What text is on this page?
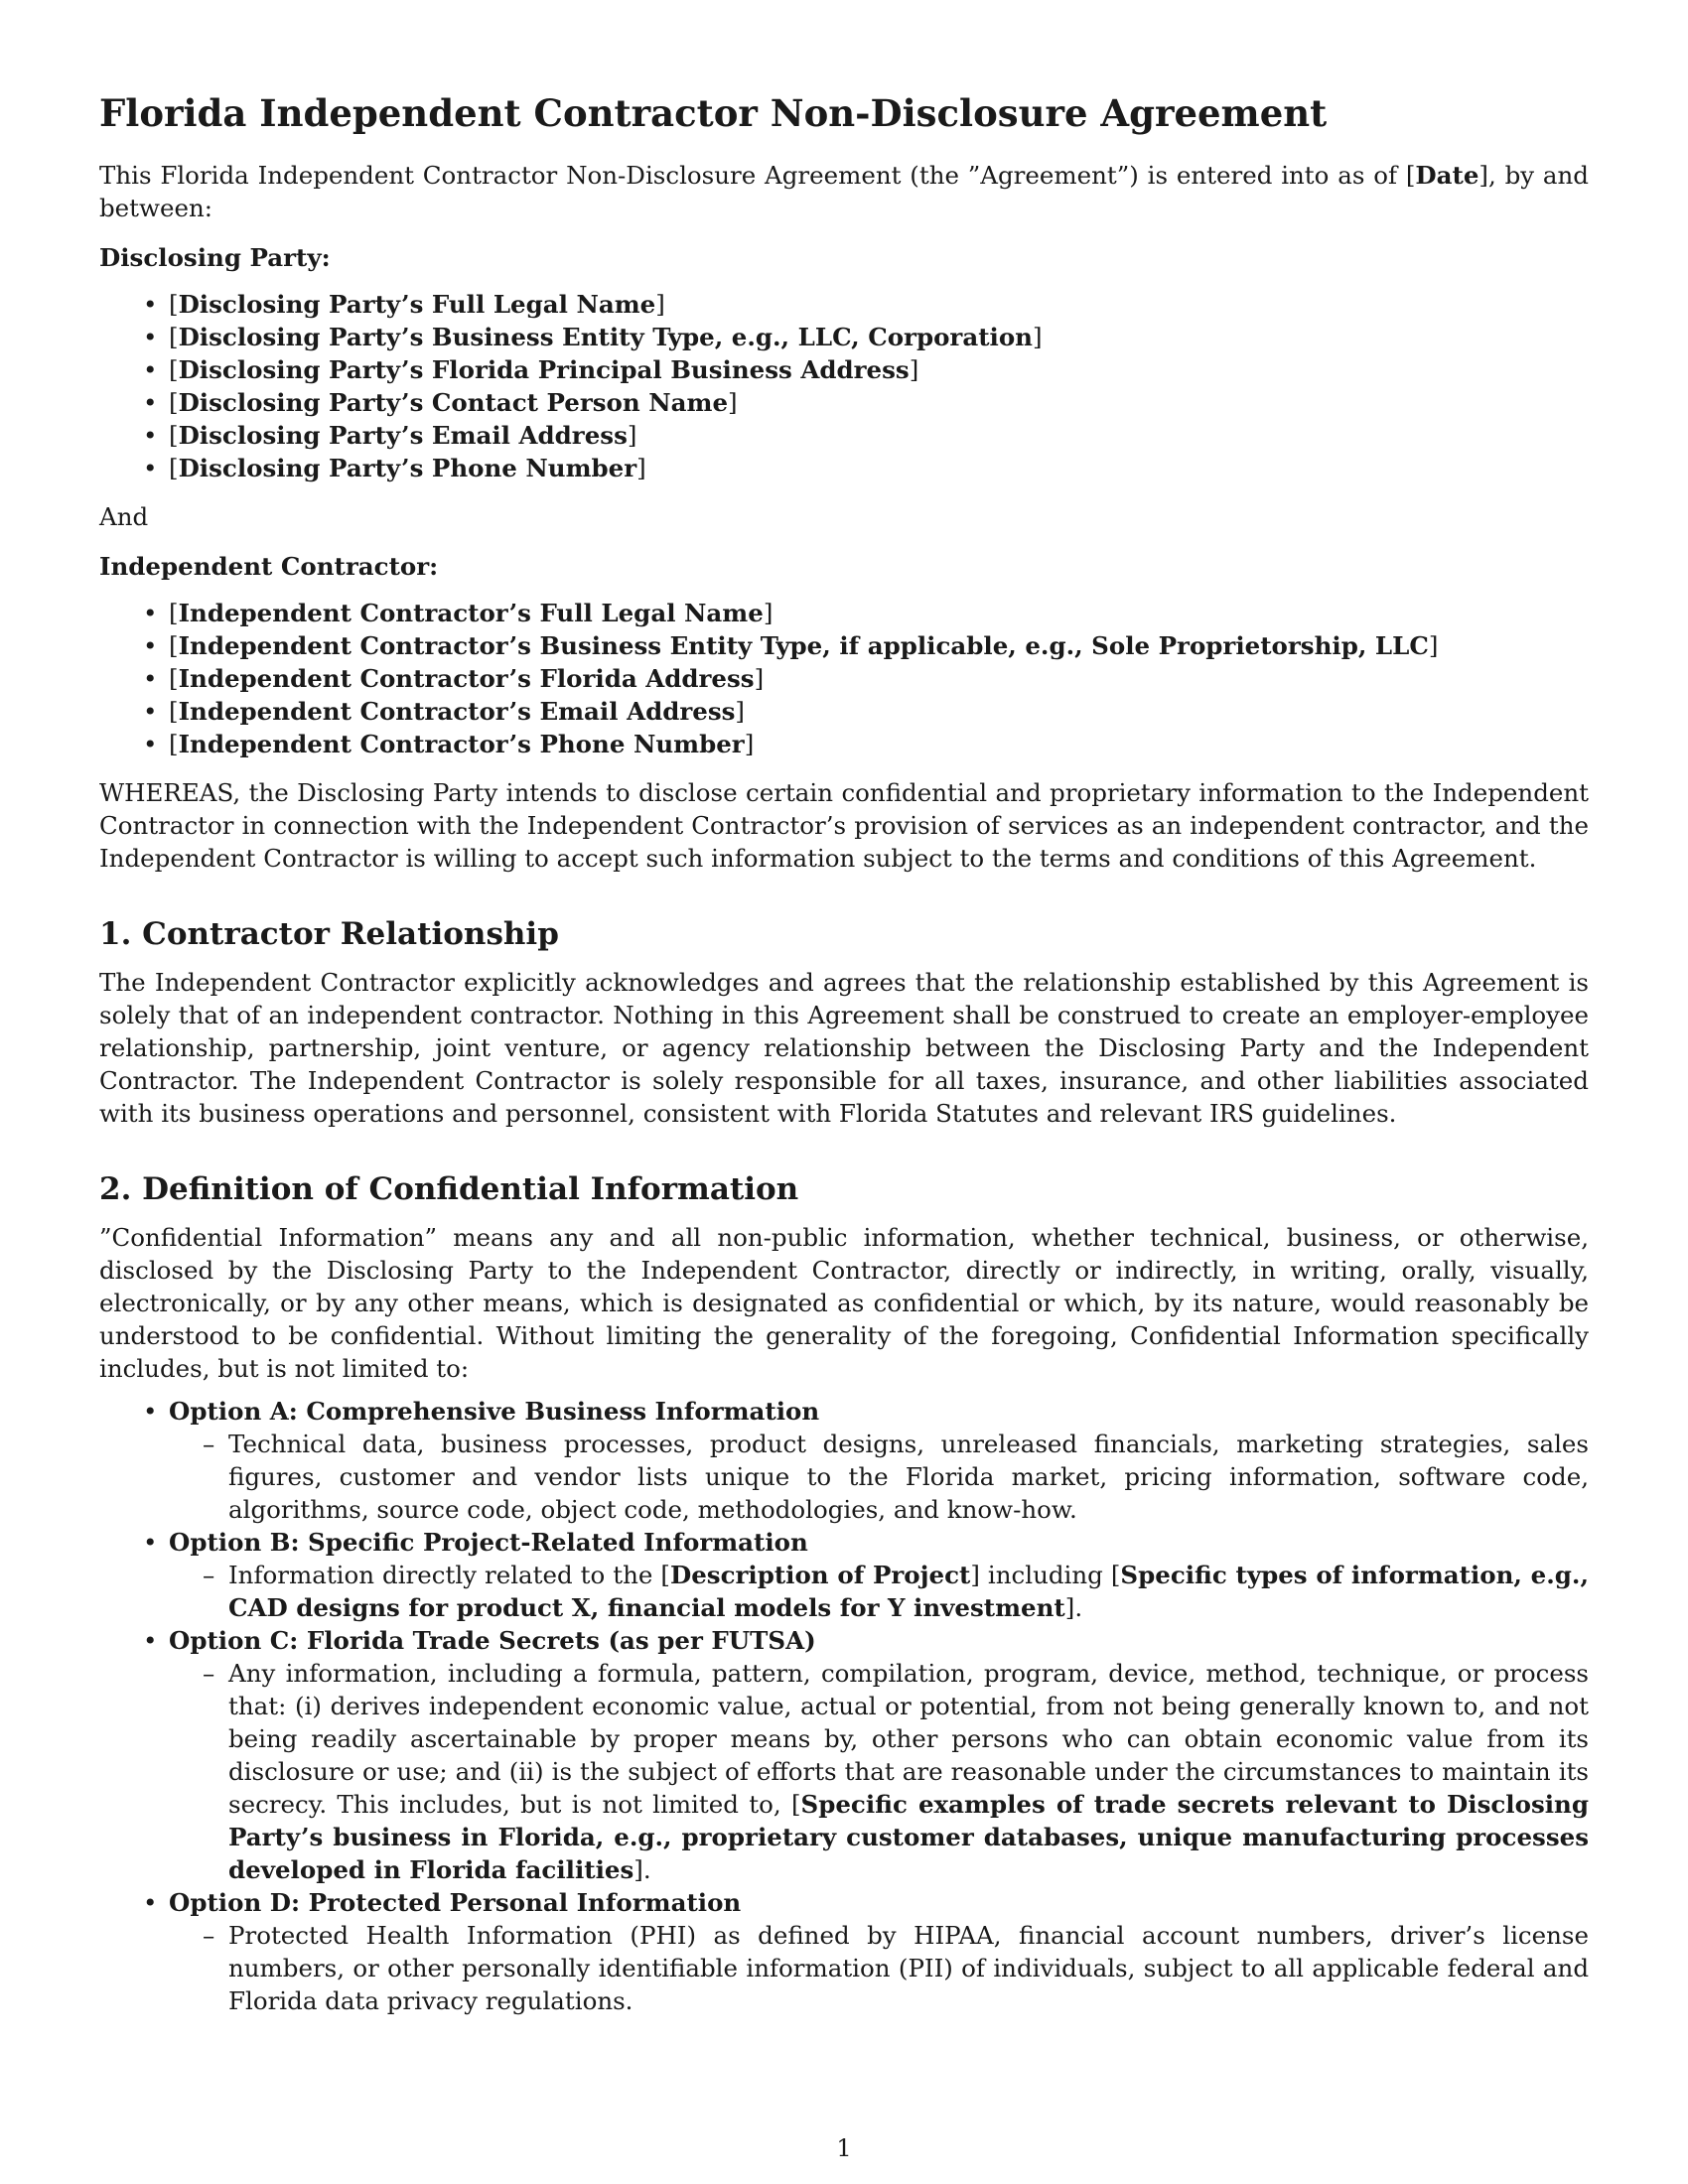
Florida Independent Contractor Non-Disclosure Agreement

This Florida Independent Contractor Non-Disclosure Agreement (the ”Agreement”) is entered into as of [Date], by and between:

Disclosing Party:
• [Disclosing Party’s Full Legal Name]
• [Disclosing Party’s Business Entity Type, e.g., LLC, Corporation]
• [Disclosing Party’s Florida Principal Business Address]
• [Disclosing Party’s Contact Person Name]
• [Disclosing Party’s Email Address]
• [Disclosing Party’s Phone Number]

And

Independent Contractor:
• [Independent Contractor’s Full Legal Name]
• [Independent Contractor’s Business Entity Type, if applicable, e.g., Sole Proprietorship, LLC]
• [Independent Contractor’s Florida Address]
• [Independent Contractor’s Email Address]
• [Independent Contractor’s Phone Number]

WHEREAS, the Disclosing Party intends to disclose certain confidential and proprietary information to the Independent Contractor in connection with the Independent Contractor’s provision of services as an independent contractor, and the Independent Contractor is willing to accept such information subject to the terms and conditions of this Agreement.

1. Contractor Relationship

The Independent Contractor explicitly acknowledges and agrees that the relationship established by this Agreement is solely that of an independent contractor. Nothing in this Agreement shall be construed to create an employer-employee relationship, partnership, joint venture, or agency relationship between the Disclosing Party and the Independent Contractor. The Independent Contractor is solely responsible for all taxes, insurance, and other liabilities associated with its business operations and personnel, consistent with Florida Statutes and relevant IRS guidelines.

2. Definition of Confidential Information

”Confidential Information” means any and all non-public information, whether technical, business, or otherwise, disclosed by the Disclosing Party to the Independent Contractor, directly or indirectly, in writing, orally, visually, electronically, or by any other means, which is designated as confidential or which, by its nature, would reasonably be understood to be confidential. Without limiting the generality of the foregoing, Confidential Information specifically includes, but is not limited to:

• Option A: Comprehensive Business Information
– Technical data, business processes, product designs, unreleased financials, marketing strategies, sales figures, customer and vendor lists unique to the Florida market, pricing information, software code, algorithms, source code, object code, methodologies, and know-how.
• Option B: Specific Project-Related Information
– Information directly related to the [Description of Project] including [Specific types of information, e.g., CAD designs for product X, financial models for Y investment].
• Option C: Florida Trade Secrets (as per FUTSA)
– Any information, including a formula, pattern, compilation, program, device, method, technique, or process that: (i) derives independent economic value, actual or potential, from not being generally known to, and not being readily ascertainable by proper means by, other persons who can obtain economic value from its disclosure or use; and (ii) is the subject of efforts that are reasonable under the circumstances to maintain its secrecy. This includes, but is not limited to, [Specific examples of trade secrets relevant to Disclosing Party’s business in Florida, e.g., proprietary customer databases, unique manufacturing processes developed in Florida facilities].
• Option D: Protected Personal Information
– Protected Health Information (PHI) as defined by HIPAA, financial account numbers, driver’s license numbers, or other personally identifiable information (PII) of individuals, subject to all applicable federal and Florida data privacy regulations.
1
